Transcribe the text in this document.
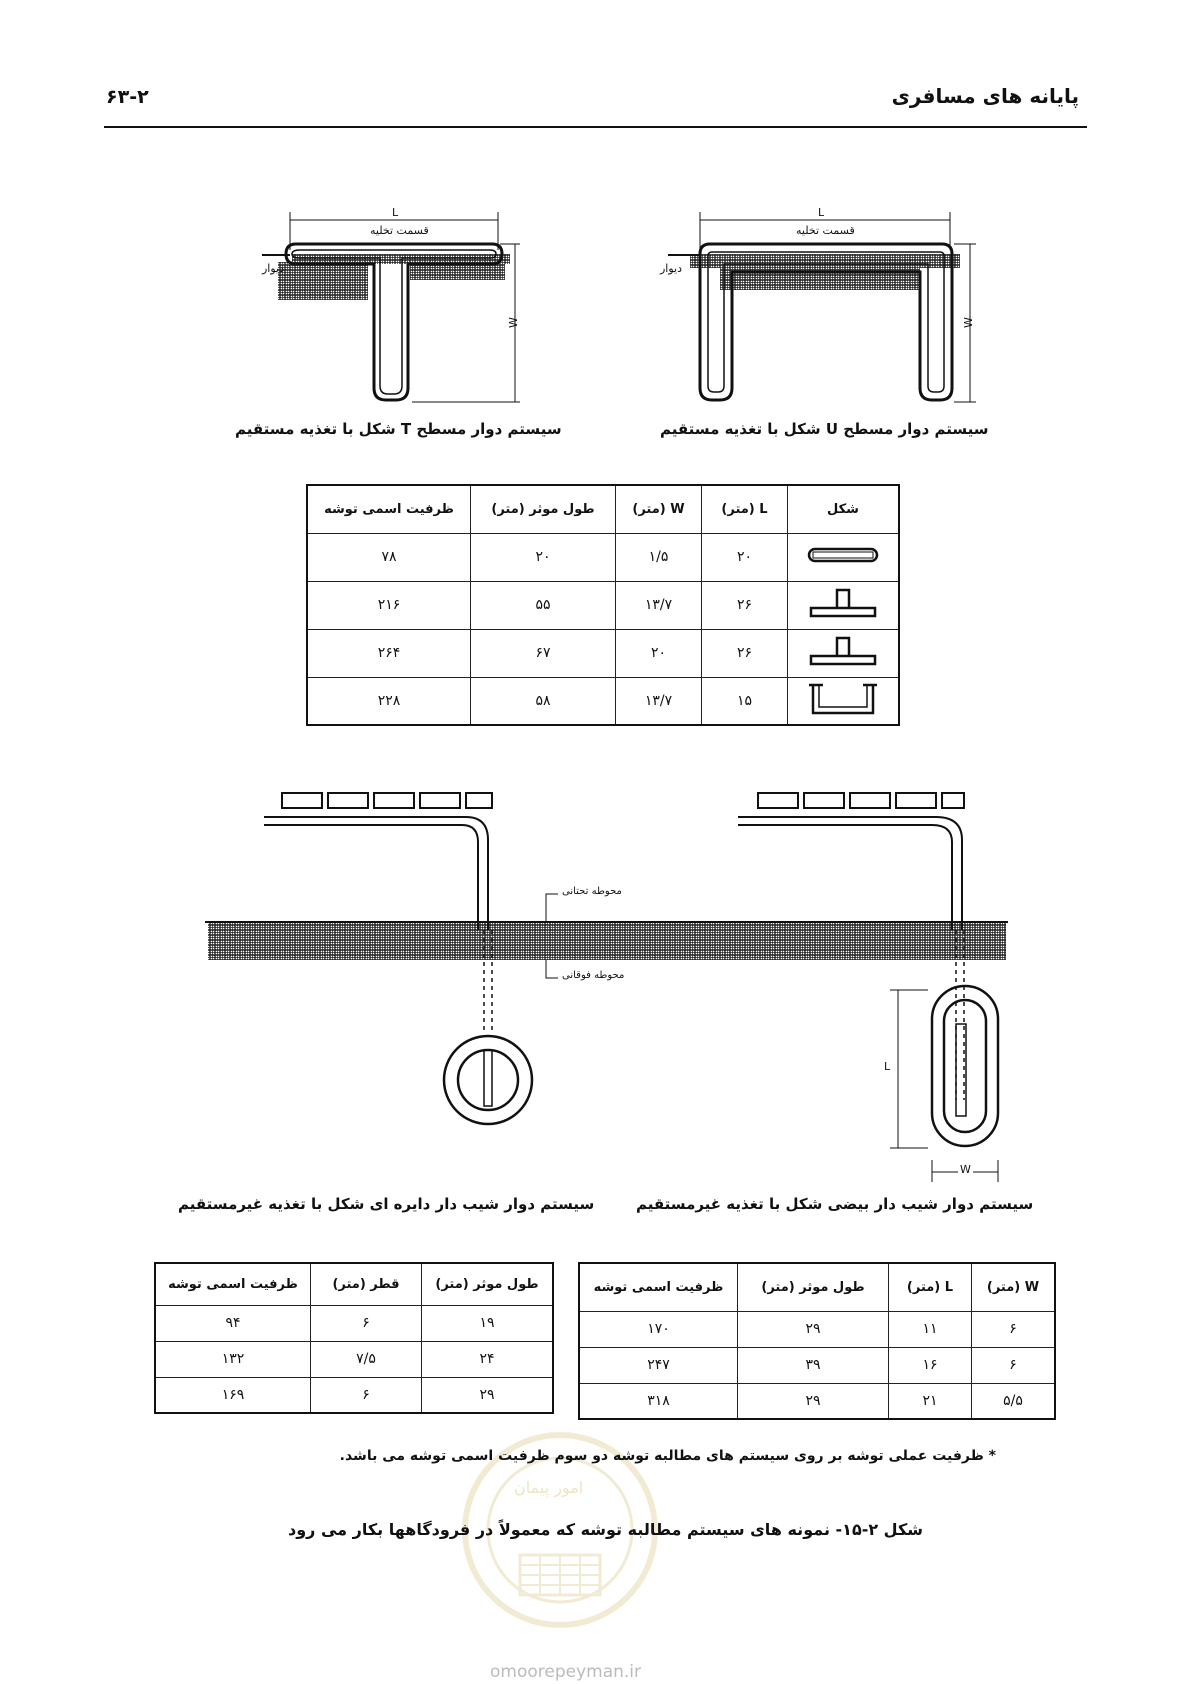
پایانه های مسافری
۶۳-۲
L
قسمت تخلیه
دیوار
W
L
قسمت تخلیه
دیوار
W
سیستم دوار مسطح T شکل با تغذیه مستقیم	سیستم دوار مسطح U شکل با تغذیه مستقیم
شکل	L (متر)	W (متر)	طول موثر (متر)	ظرفیت اسمی توشه
	۲۰	۱/۵	۲۰	۷۸
	۲۶	۱۳/۷	۵۵	۲۱۶
	۲۶	۲۰	۶۷	۲۶۴
	۱۵	۱۳/۷	۵۸	۲۲۸
محوطه تحتانی
محوطه فوقانی
L
W
سیستم دوار شیب دار دایره ای شکل با تغذیه غیرمستقیم	سیستم دوار شیب دار بیضی شکل با تغذیه غیرمستقیم
طول موثر (متر)	قطر (متر)	ظرفیت اسمی توشه
۱۹	۶	۹۴
۲۴	۷/۵	۱۳۲
۲۹	۶	۱۶۹
W (متر)	L (متر)	طول موثر (متر)	ظرفیت اسمی توشه
۶	۱۱	۲۹	۱۷۰
۶	۱۶	۳۹	۲۴۷
۵/۵	۲۱	۲۹	۳۱۸
* ظرفیت عملی توشه بر روی سیستم های مطالبه توشه دو سوم ظرفیت اسمی توشه می باشد.
شکل ۲-۱۵- نمونه های سیستم مطالبه توشه که معمولاً در فرودگاهها بکار می رود
امور پیمان
omoorepeyman.ir
